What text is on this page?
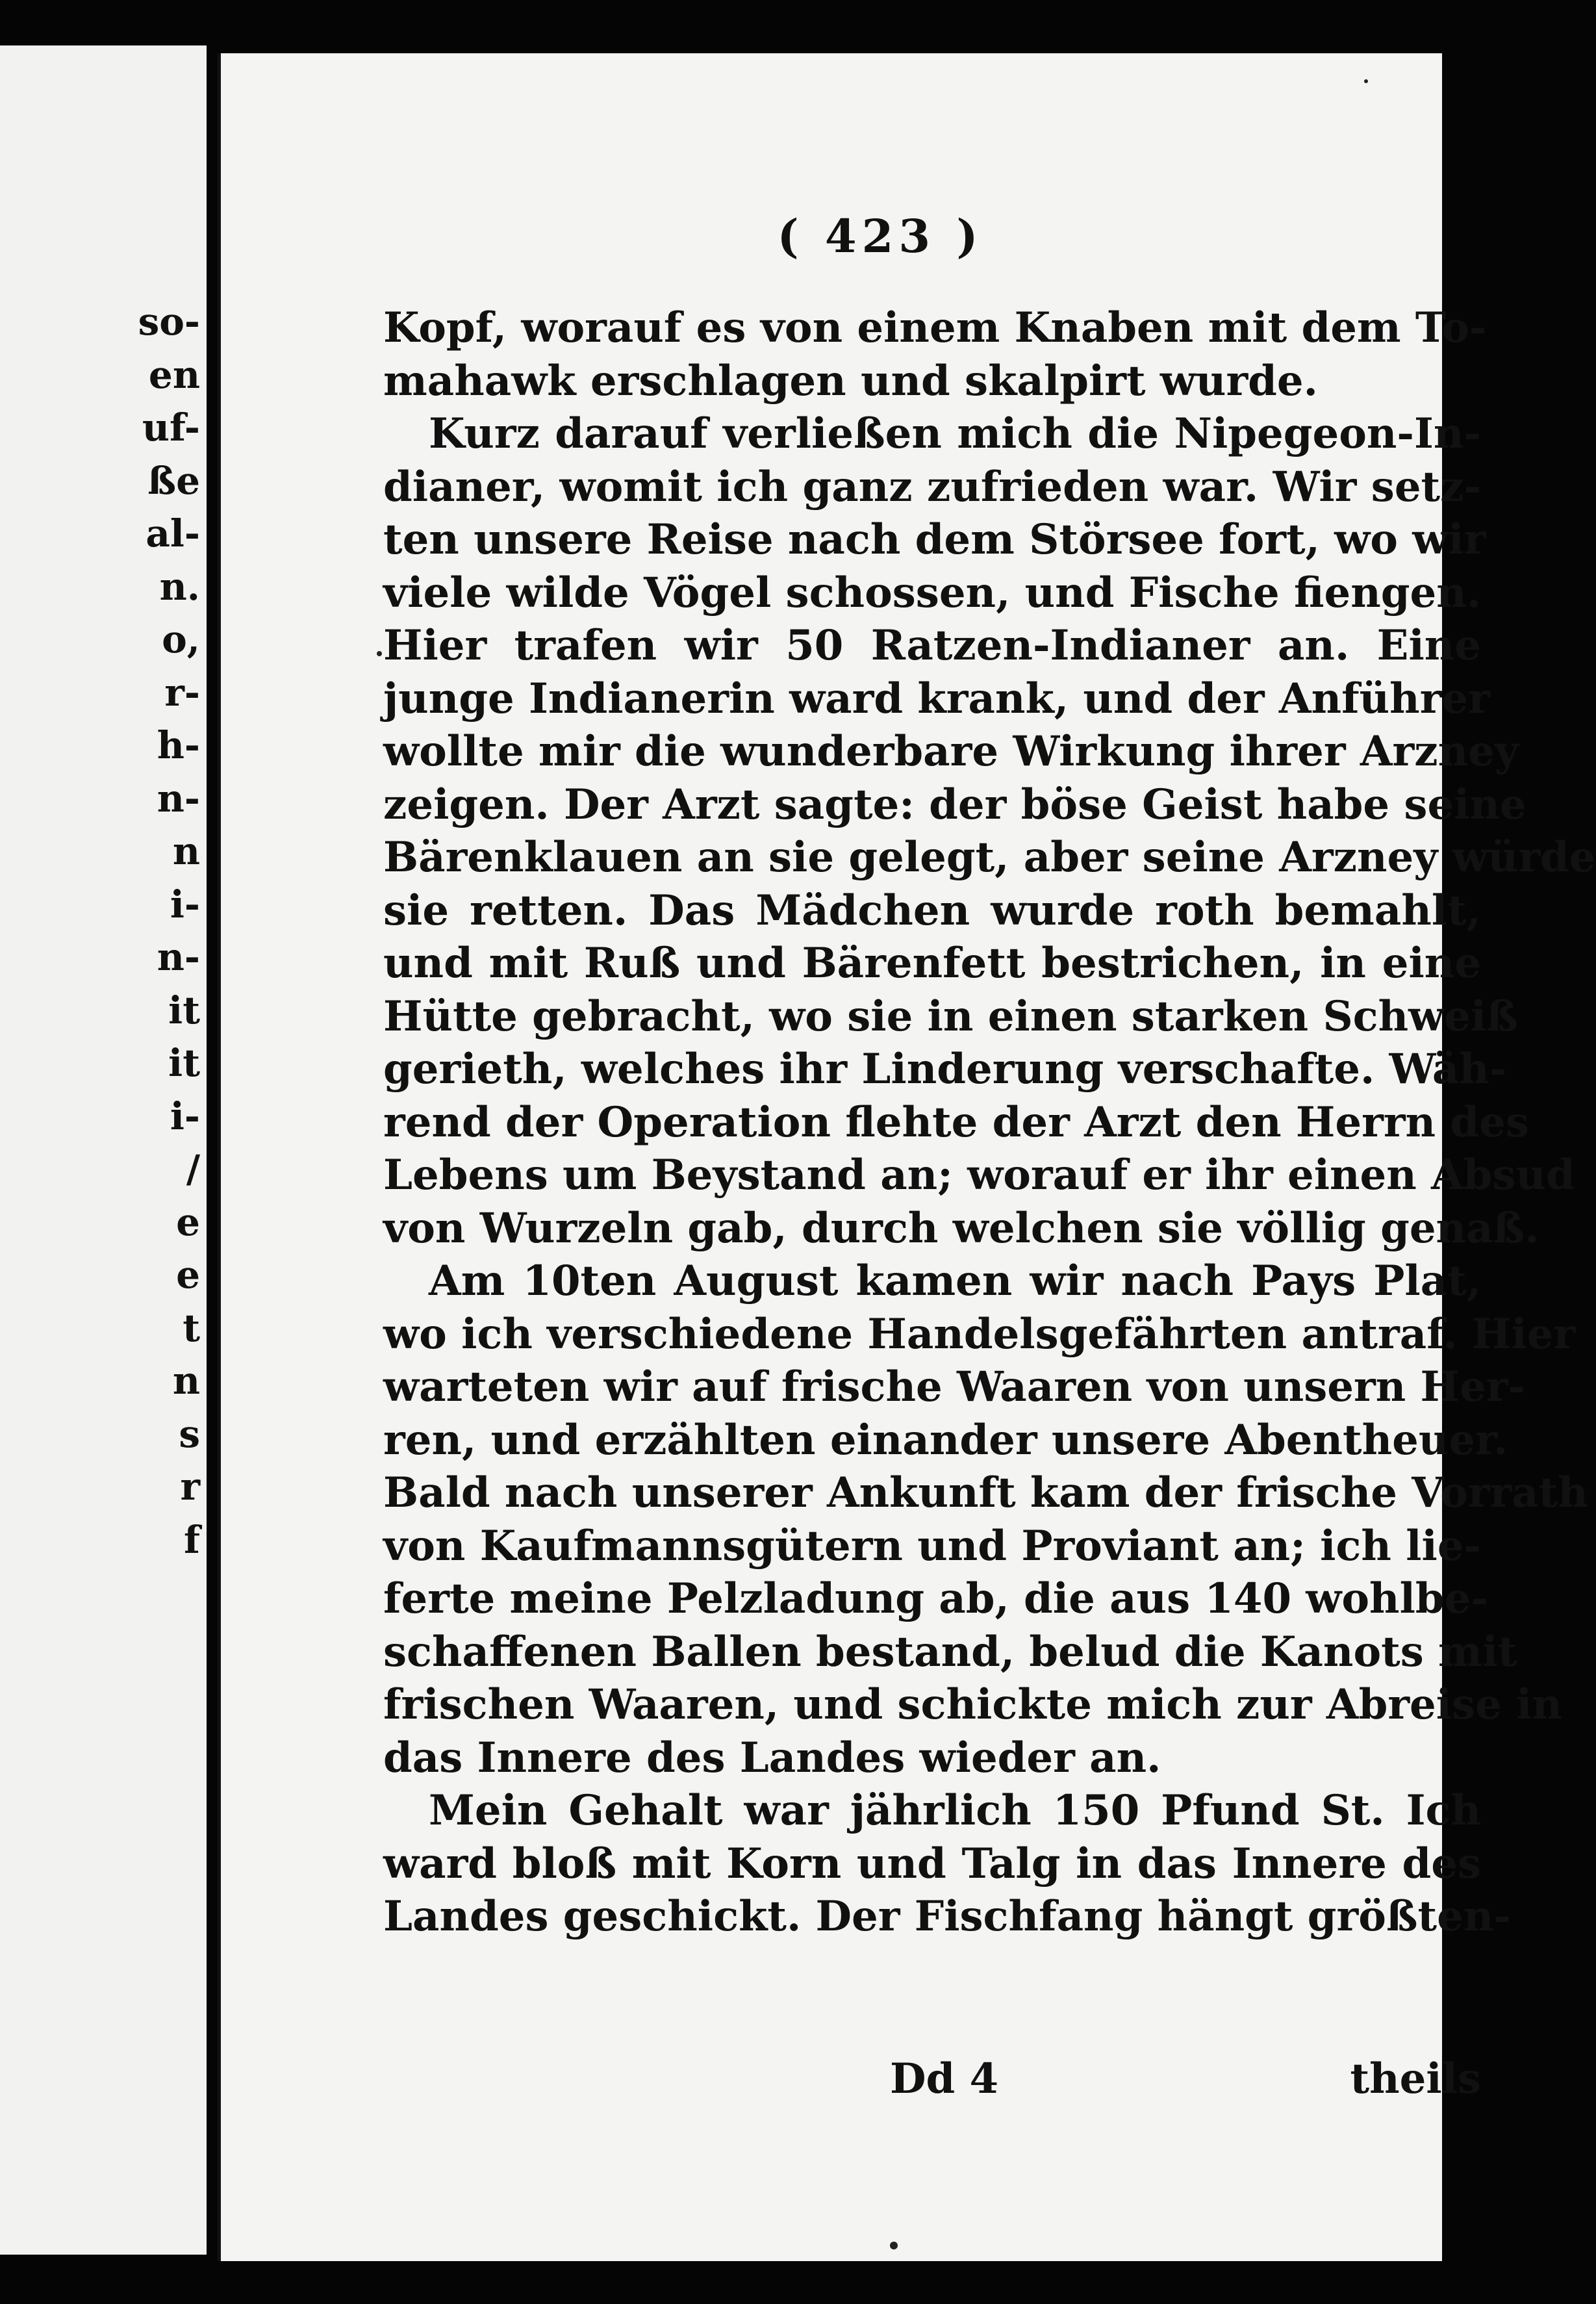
so-
en
uf-
ße
al-
n.
o,
r-
h-
n-
n
i-
n-
it
it
i-
/
e
e
t
n
s
r
f
( 423 )
Kopf, worauf es von einem Knaben mit dem To-
mahawk erschlagen und skalpirt wurde.
Kurz darauf verließen mich die Nipegeon-In-
dianer, womit ich ganz zufrieden war. Wir setz-
ten unsere Reise nach dem Störsee fort, wo wir
viele wilde Vögel schossen, und Fische fiengen.
Hier trafen wir 50 Ratzen-Indianer an. Eine
junge Indianerin ward krank, und der Anführer
wollte mir die wunderbare Wirkung ihrer Arzney
zeigen. Der Arzt sagte: der böse Geist habe seine
Bärenklauen an sie gelegt, aber seine Arzney würde
sie retten. Das Mädchen wurde roth bemahlt,
und mit Ruß und Bärenfett bestrichen, in eine
Hütte gebracht, wo sie in einen starken Schweiß
gerieth, welches ihr Linderung verschafte. Wäh-
rend der Operation flehte der Arzt den Herrn des
Lebens um Beystand an; worauf er ihr einen Absud
von Wurzeln gab, durch welchen sie völlig genaß.
Am 10ten August kamen wir nach Pays Plat,
wo ich verschiedene Handelsgefährten antraf. Hier
warteten wir auf frische Waaren von unsern Her-
ren, und erzählten einander unsere Abentheuer.
Bald nach unserer Ankunft kam der frische Vorrath
von Kaufmannsgütern und Proviant an; ich lie-
ferte meine Pelzladung ab, die aus 140 wohlbe-
schaffenen Ballen bestand, belud die Kanots mit
frischen Waaren, und schickte mich zur Abreise in
das Innere des Landes wieder an.
Mein Gehalt war jährlich 150 Pfund St. Ich
ward bloß mit Korn und Talg in das Innere des
Landes geschickt. Der Fischfang hängt größten-
Dd 4	theils
